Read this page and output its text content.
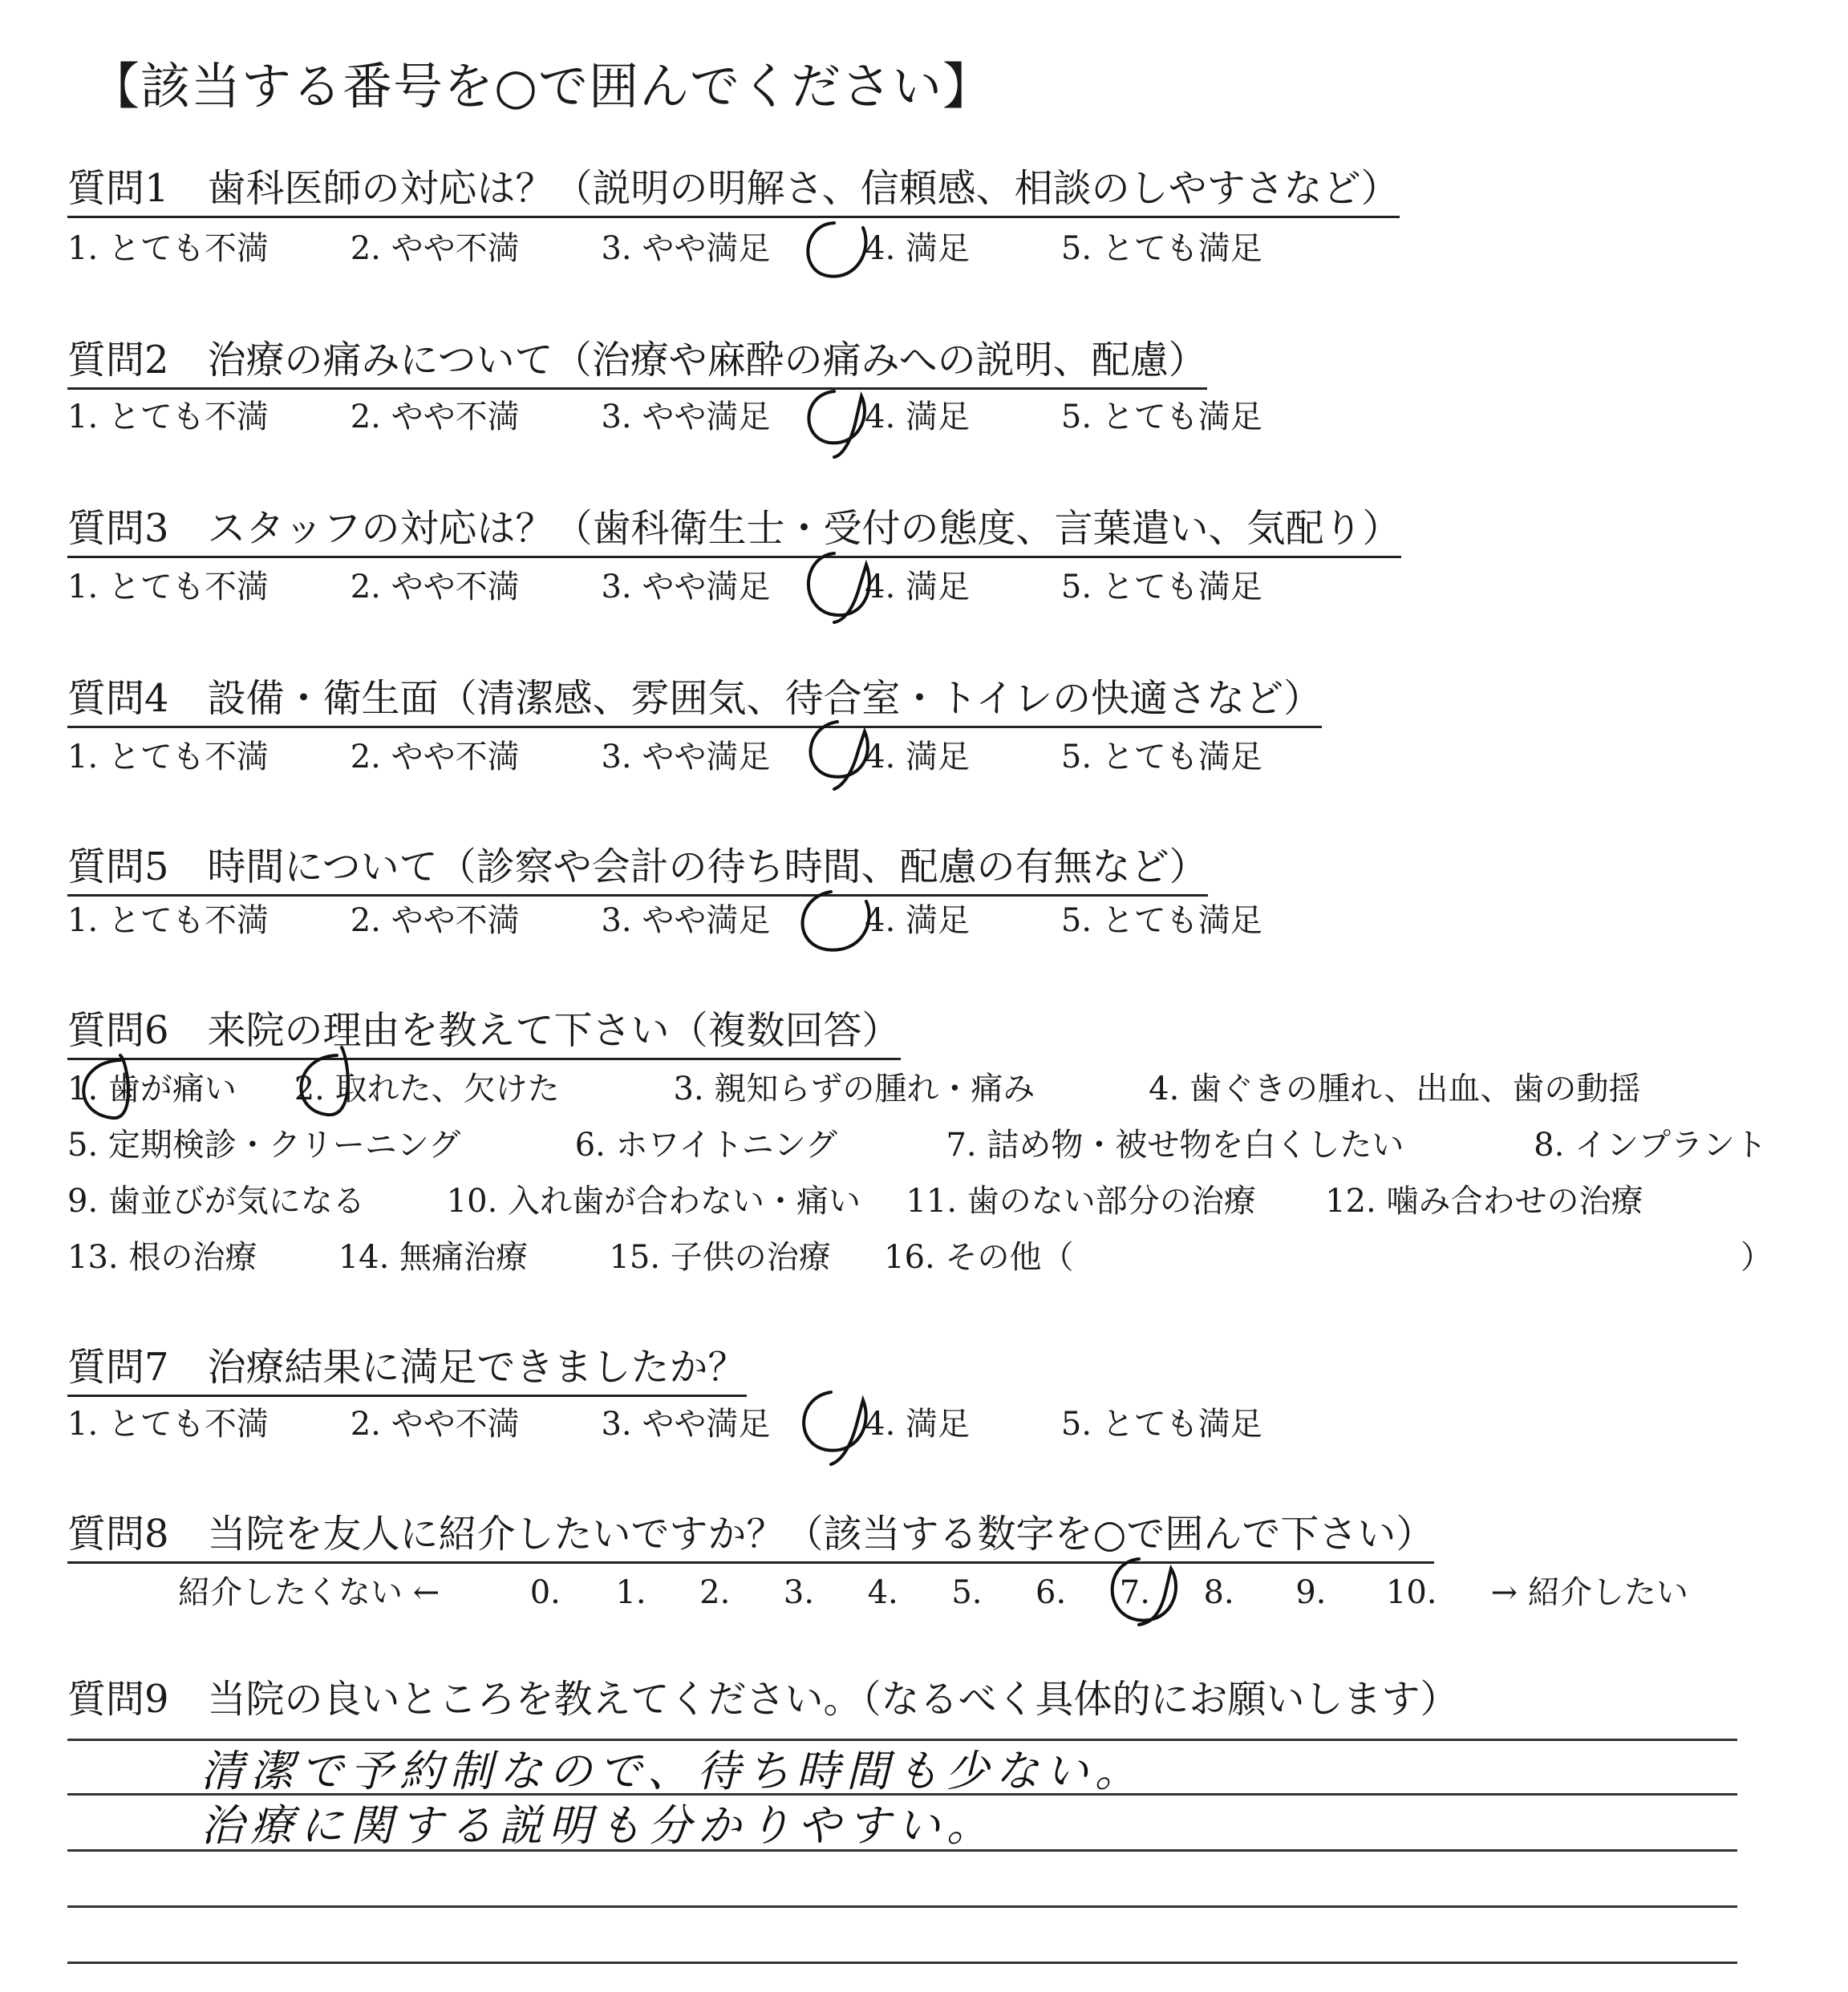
【該当する番号を○で囲んでください】
質問1　歯科医師の対応は？（説明の明解さ、信頼感、相談のしやすさなど）
1. とても不満	2. やや不満	3. やや満足	4. 満足	5. とても満足
質問2　治療の痛みについて（治療や麻酔の痛みへの説明、配慮）
1. とても不満	2. やや不満	3. やや満足	4. 満足	5. とても満足
質問3　スタッフの対応は？（歯科衛生士・受付の態度、言葉遣い、気配り）
1. とても不満	2. やや不満	3. やや満足	4. 満足	5. とても満足
質問4　設備・衛生面（清潔感、雰囲気、待合室・トイレの快適さなど）
1. とても不満	2. やや不満	3. やや満足	4. 満足	5. とても満足
質問5　時間について（診察や会計の待ち時間、配慮の有無など）
1. とても不満	2. やや不満	3. やや満足	4. 満足	5. とても満足
質問6　来院の理由を教えて下さい（複数回答）
1. 歯が痛い 2. 取れた、欠けた	3. 親知らずの腫れ・痛み	4. 歯ぐきの腫れ、出血、歯の動揺
5. 定期検診・クリーニング	6. ホワイトニング	7. 詰め物・被せ物を白くしたい	8. インプラント
9. 歯並びが気になる	10. 入れ歯が合わない・痛い 11. 歯のない部分の治療 12. 噛み合わせの治療
13. 根の治療	14. 無痛治療	15. 子供の治療 16. その他（	）
質問7　治療結果に満足できましたか？
1. とても不満	2. やや不満	3. やや満足	4. 満足	5. とても満足
質問8　当院を友人に紹介したいですか？（該当する数字を○で囲んで下さい）
紹介したくない ←	0. 1. 2. 3. 4. 5. 6. 7. 8. 9. 10. → 紹介したい
質問9　当院の良いところを教えてください。（なるべく具体的にお願いします）
清潔で予約制なので、待ち時間も少ない。
治療に関する説明も分かりやすい。
